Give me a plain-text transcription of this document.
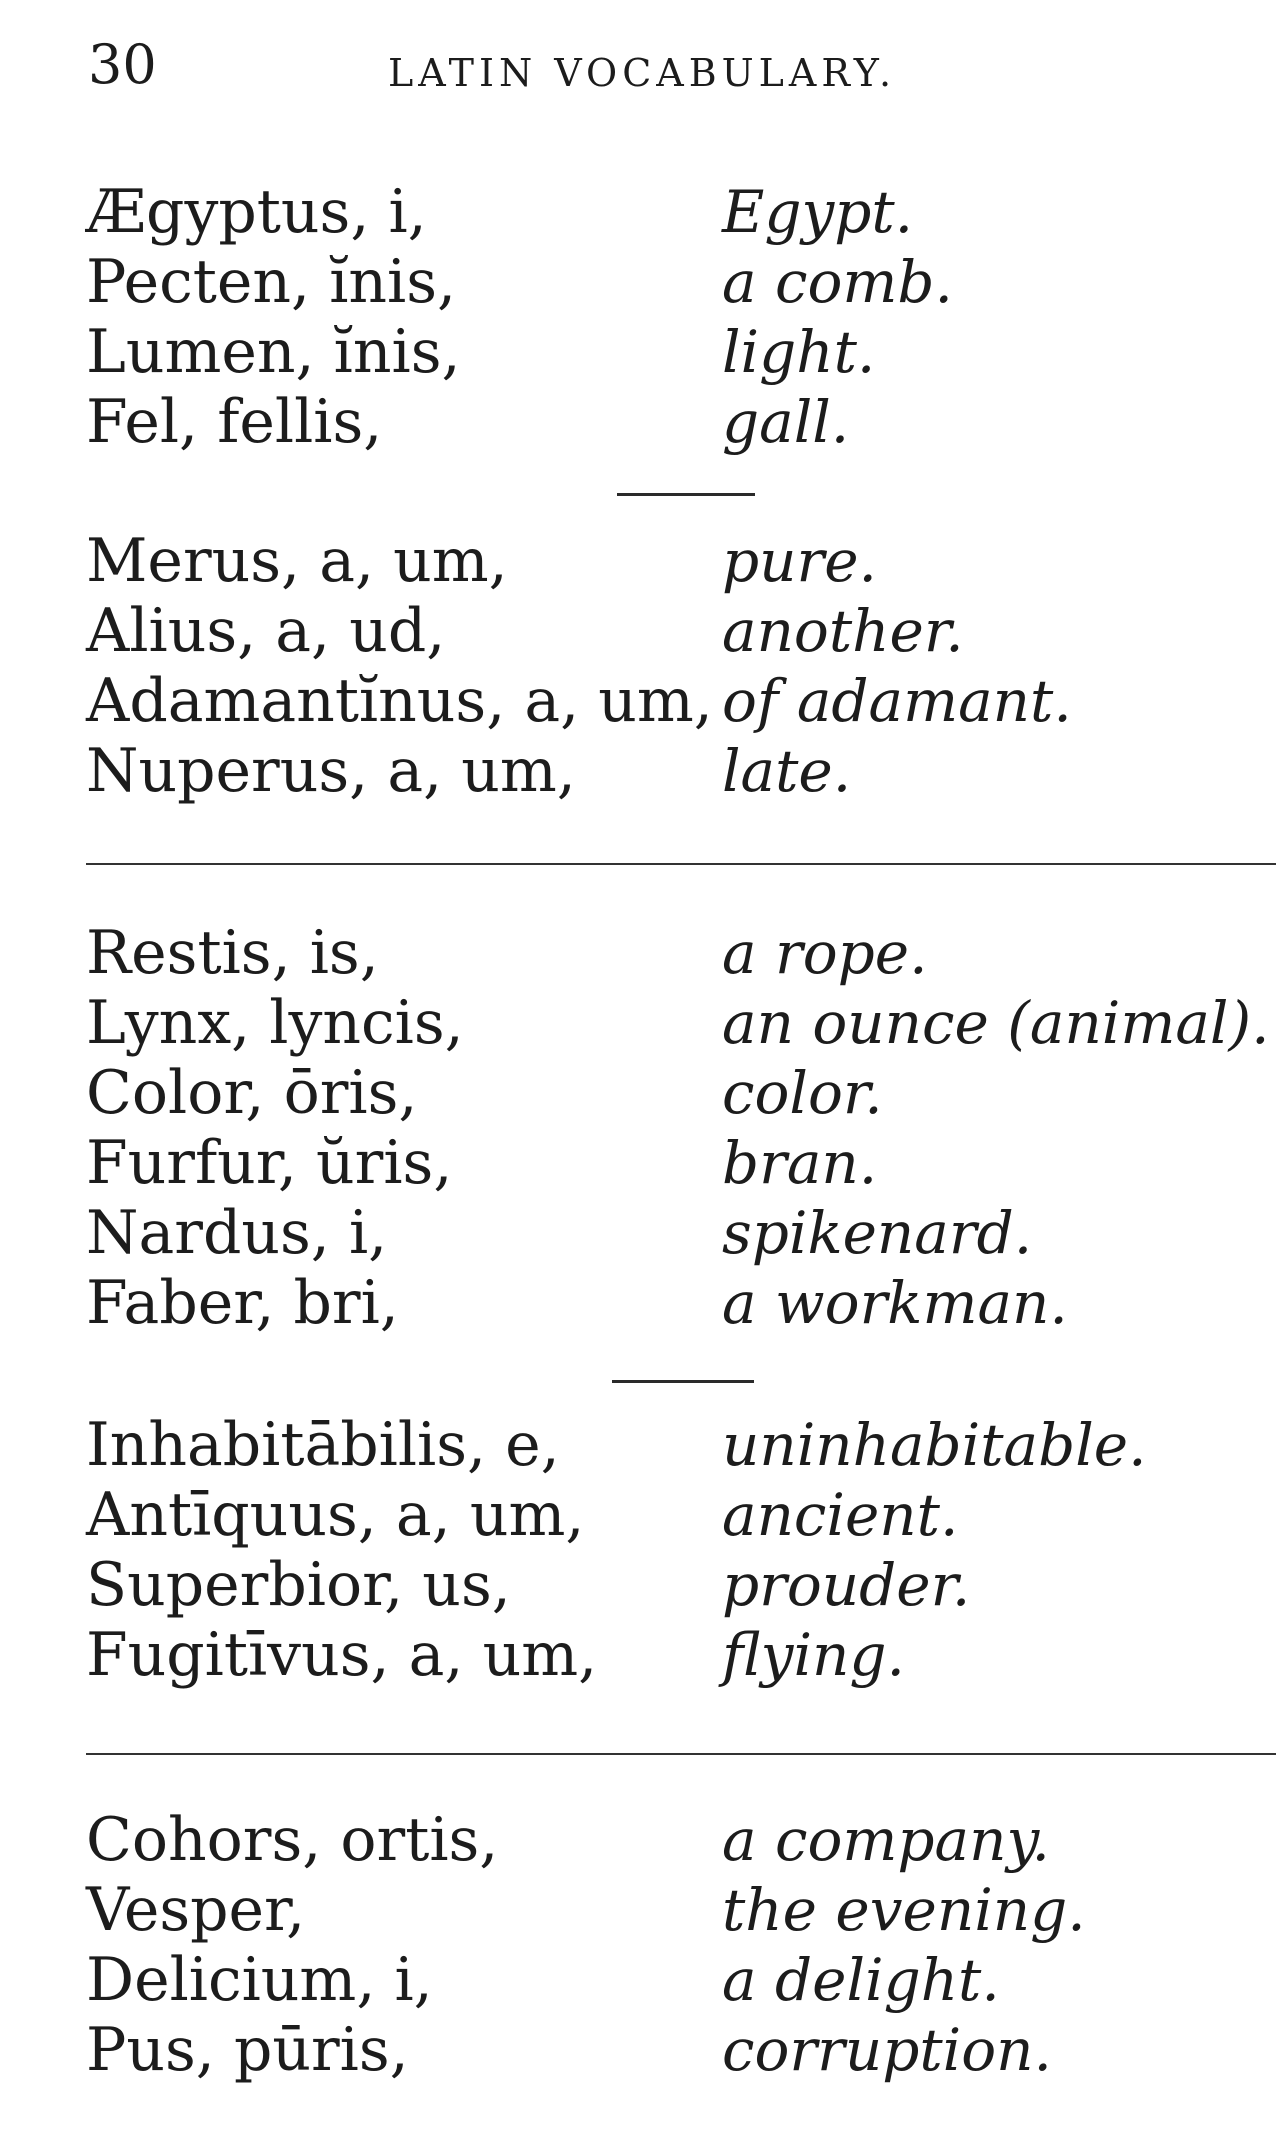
30	LATIN VOCABULARY.
Ægyptus, i,	Egypt.
Pecten, ĭnis,	a comb.
Lumen, ĭnis,	light.
Fel, fellis,	gall.
Merus, a, um,	pure.
Alius, a, ud,	another.
Adamantĭnus, a, um, of adamant.
Nuperus, a, um,	late.
Restis, is,	a rope.
Lynx, lyncis,	an ounce (animal).
Color, ōris,	color.
Furfur, ŭris,	bran.
Nardus, i,	spikenard.
Faber, bri,	a workman.
Inhabitābilis, e,	uninhabitable.
Antīquus, a, um, ancient.
Superbior, us,	prouder.
Fugitīvus, a, um, flying.
Cohors, ortis,	a company.
Vesper,	the evening.
Delicium, i,	a delight.
Pus, pūris,	corruption.
